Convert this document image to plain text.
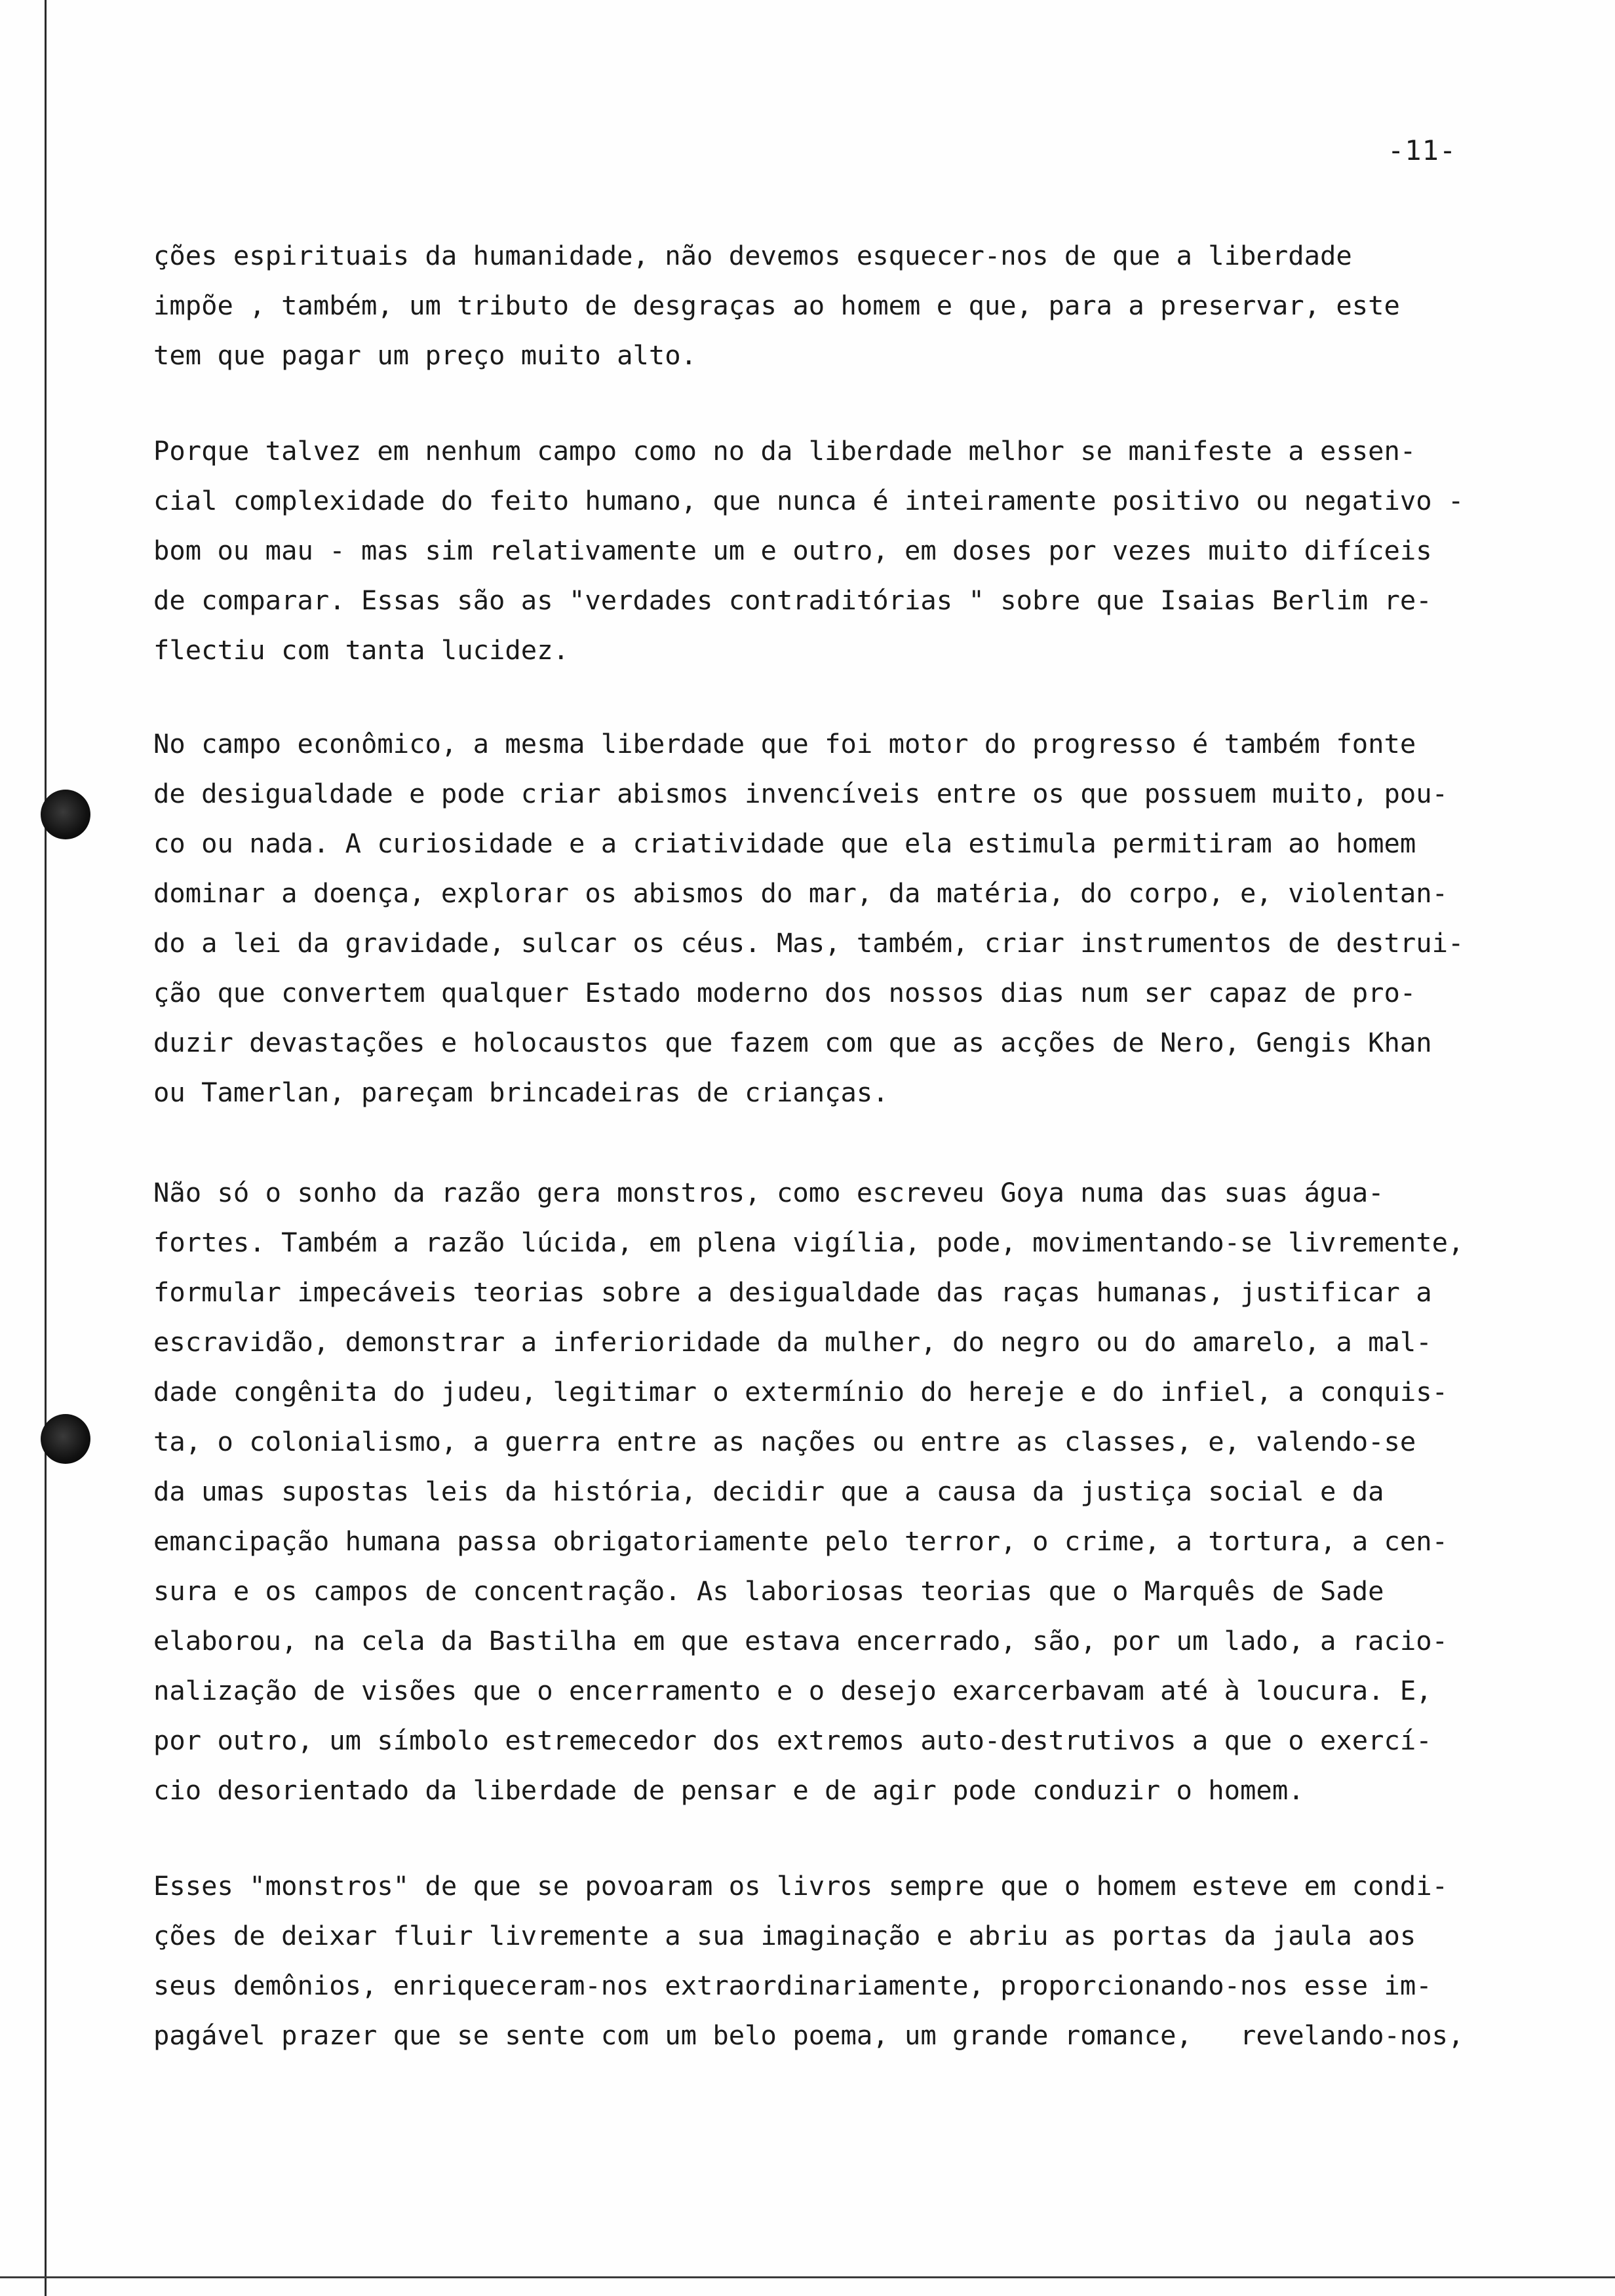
-11-
ções espirituais da humanidade, não devemos esquecer-nos de que a liberdade
impõe , também, um tributo de desgraças ao homem e que, para a preservar, este
tem que pagar um preço muito alto.
Porque talvez em nenhum campo como no da liberdade melhor se manifeste a essen-
cial complexidade do feito humano, que nunca é inteiramente positivo ou negativo -
bom ou mau - mas sim relativamente um e outro, em doses por vezes muito difíceis
de comparar. Essas são as "verdades contraditórias " sobre que Isaias Berlim re-
flectiu com tanta lucidez.
No campo econômico, a mesma liberdade que foi motor do progresso é também fonte
de desigualdade e pode criar abismos invencíveis entre os que possuem muito, pou-
co ou nada. A curiosidade e a criatividade que ela estimula permitiram ao homem
dominar a doença, explorar os abismos do mar, da matéria, do corpo, e, violentan-
do a lei da gravidade, sulcar os céus. Mas, também, criar instrumentos de destrui-
ção que convertem qualquer Estado moderno dos nossos dias num ser capaz de pro-
duzir devastações e holocaustos que fazem com que as acções de Nero, Gengis Khan
ou Tamerlan, pareçam brincadeiras de crianças.
Não só o sonho da razão gera monstros, como escreveu Goya numa das suas água-
fortes. Também a razão lúcida, em plena vigília, pode, movimentando-se livremente,
formular impecáveis teorias sobre a desigualdade das raças humanas, justificar a
escravidão, demonstrar a inferioridade da mulher, do negro ou do amarelo, a mal-
dade congênita do judeu, legitimar o extermínio do hereje e do infiel, a conquis-
ta, o colonialismo, a guerra entre as nações ou entre as classes, e, valendo-se
da umas supostas leis da história, decidir que a causa da justiça social e da
emancipação humana passa obrigatoriamente pelo terror, o crime, a tortura, a cen-
sura e os campos de concentração. As laboriosas teorias que o Marquês de Sade
elaborou, na cela da Bastilha em que estava encerrado, são, por um lado, a racio-
nalização de visões que o encerramento e o desejo exarcerbavam até à loucura. E,
por outro, um símbolo estremecedor dos extremos auto-destrutivos a que o exercí-
cio desorientado da liberdade de pensar e de agir pode conduzir o homem.
Esses "monstros" de que se povoaram os livros sempre que o homem esteve em condi-
ções de deixar fluir livremente a sua imaginação e abriu as portas da jaula aos
seus demônios, enriqueceram-nos extraordinariamente, proporcionando-nos esse im-
pagável prazer que se sente com um belo poema, um grande romance,   revelando-nos,
